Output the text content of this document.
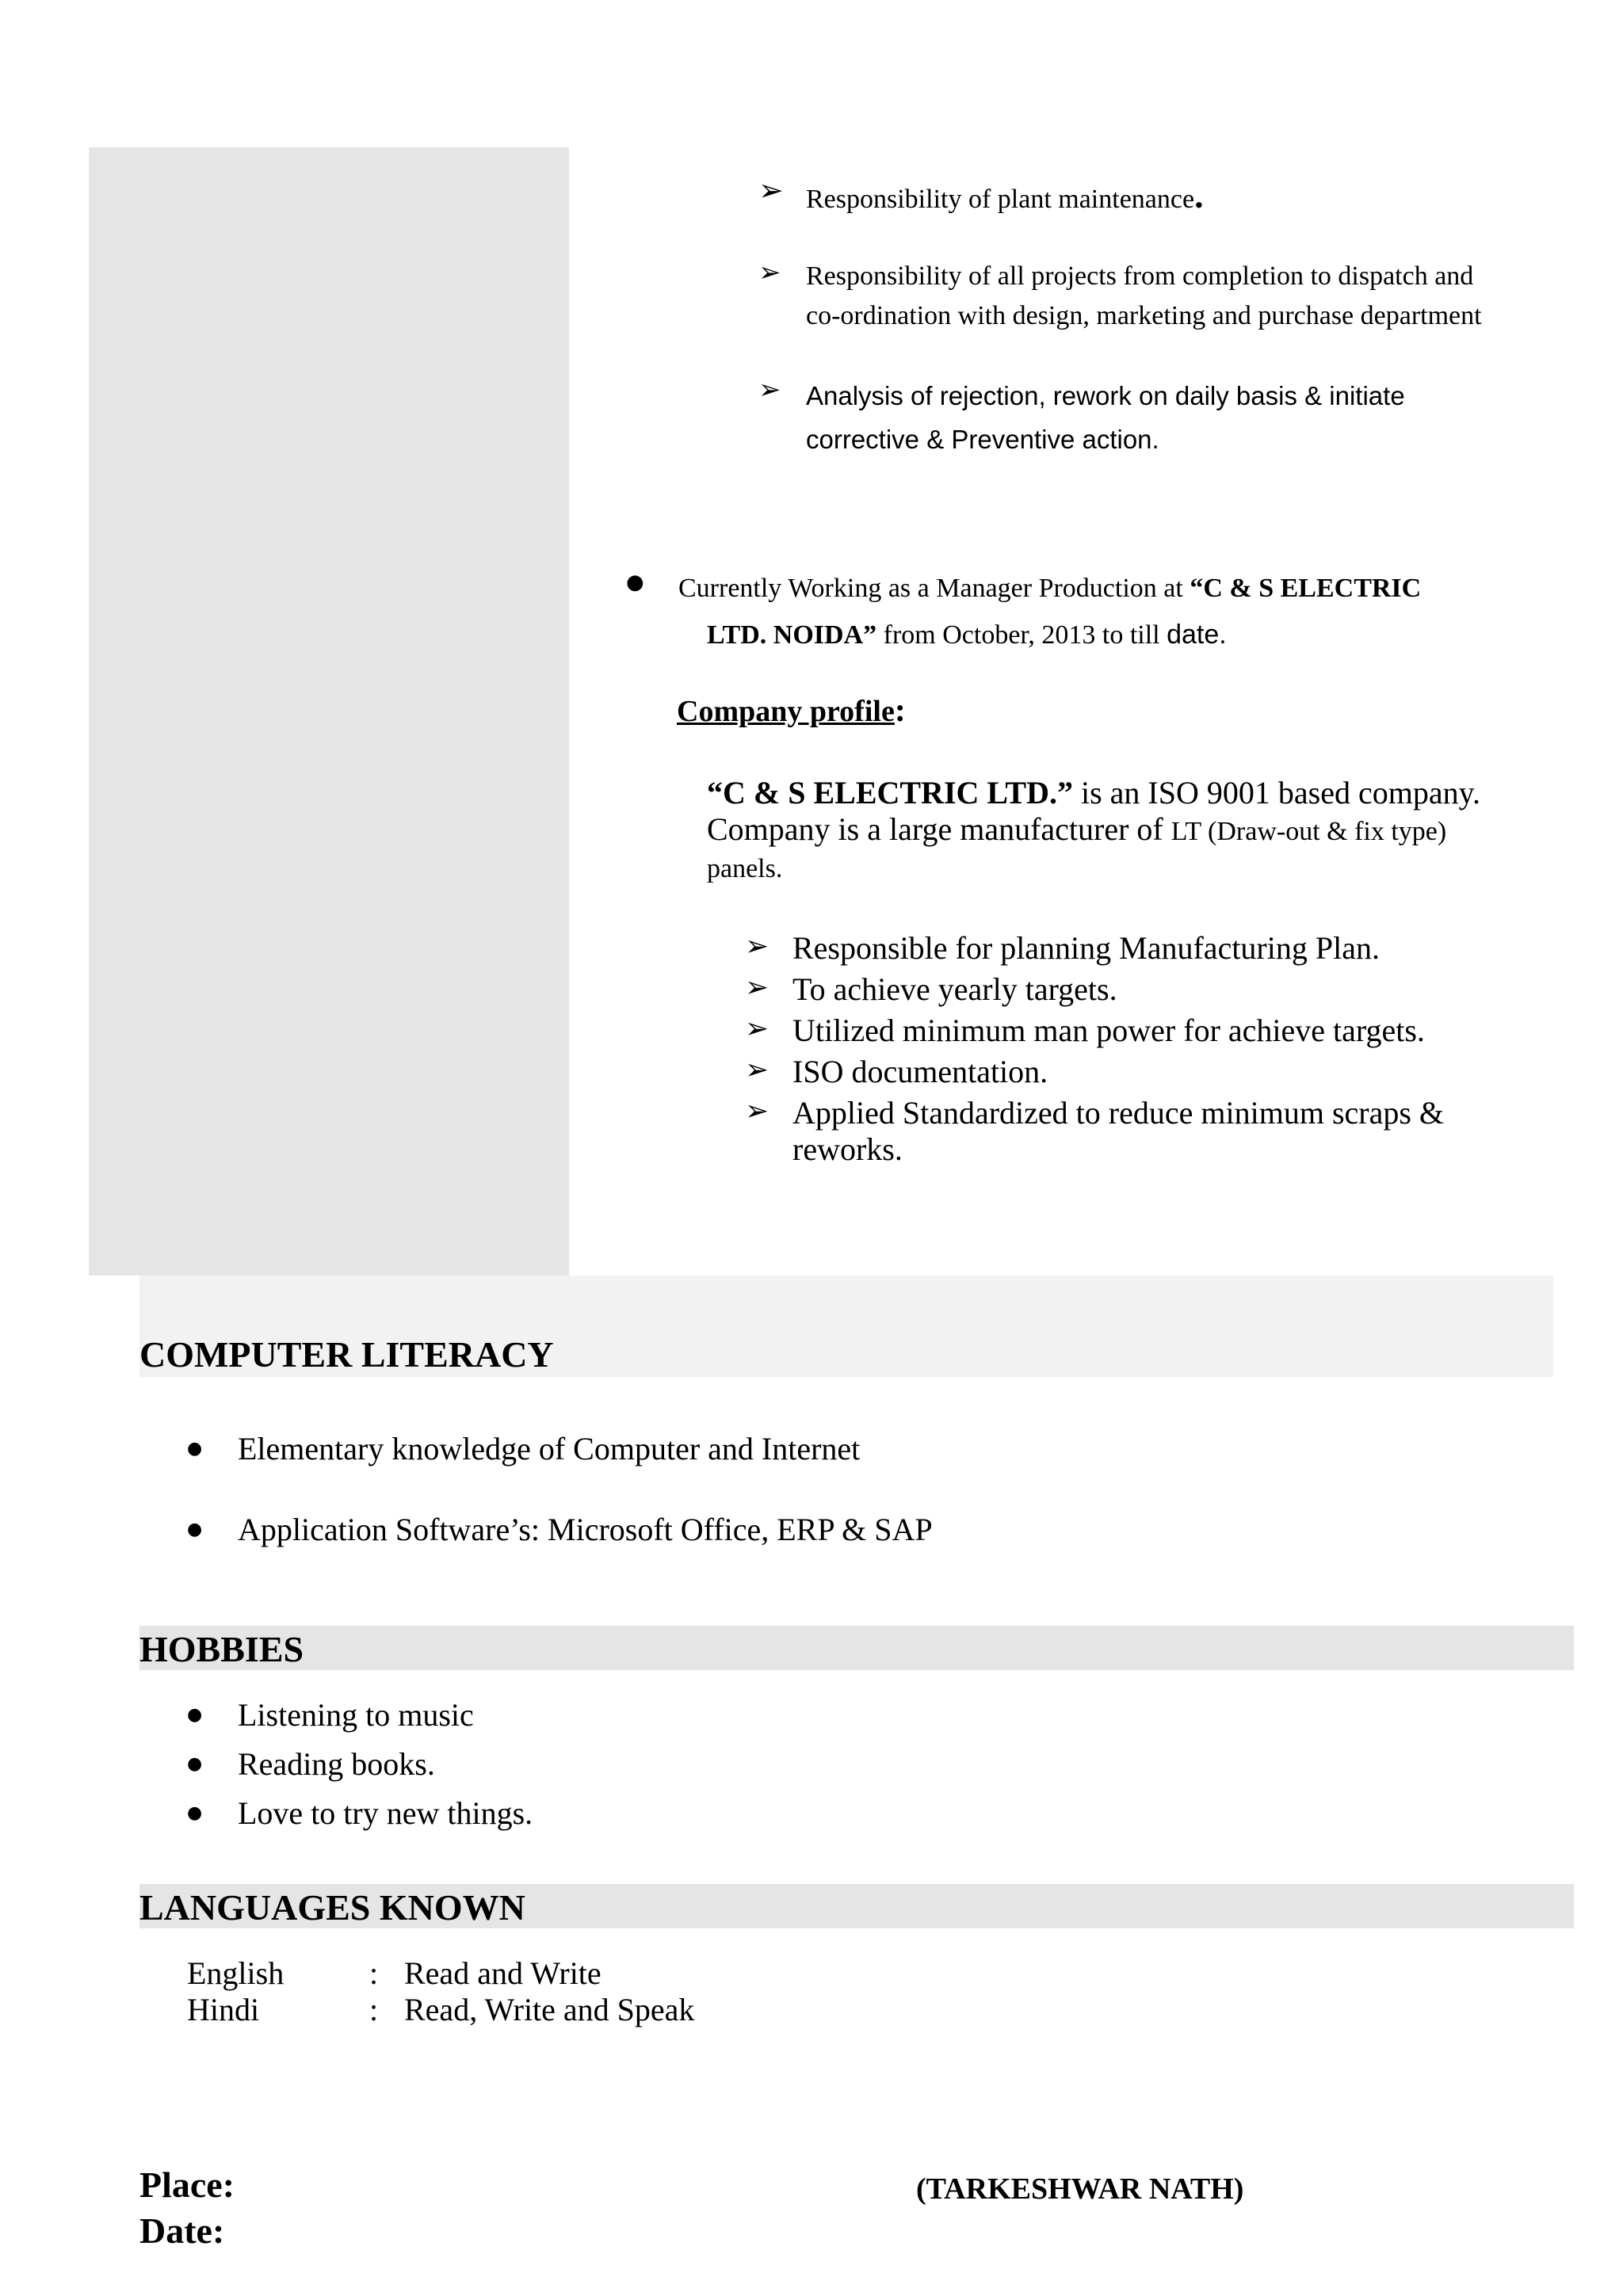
➢ Responsibility of plant maintenance.
➢ Responsibility of all projects from completion to dispatch and
co-ordination with design, marketing and purchase department
➢ Analysis of rejection, rework on daily basis & initiate
corrective & Preventive action.
● Currently Working as a Manager Production at “C & S ELECTRIC
LTD. NOIDA” from October, 2013 to till date.
Company profile:
“C & S ELECTRIC LTD.” is an ISO 9001 based company.
Company is a large manufacturer of LT (Draw-out & fix type)
panels.
➢ Responsible for planning Manufacturing Plan.
➢ To achieve yearly targets.
➢ Utilized minimum man power for achieve targets.
➢ ISO documentation.
➢ Applied Standardized to reduce minimum scraps &
reworks.
COMPUTER LITERACY
● Elementary knowledge of Computer and Internet
● Application Software’s: Microsoft Office, ERP & SAP
HOBBIES
● Listening to music
● Reading books.
● Love to try new things.
LANGUAGES KNOWN
English	: Read and Write
Hindi	: Read, Write and Speak
Place:
Date:
(TARKESHWAR NATH)
